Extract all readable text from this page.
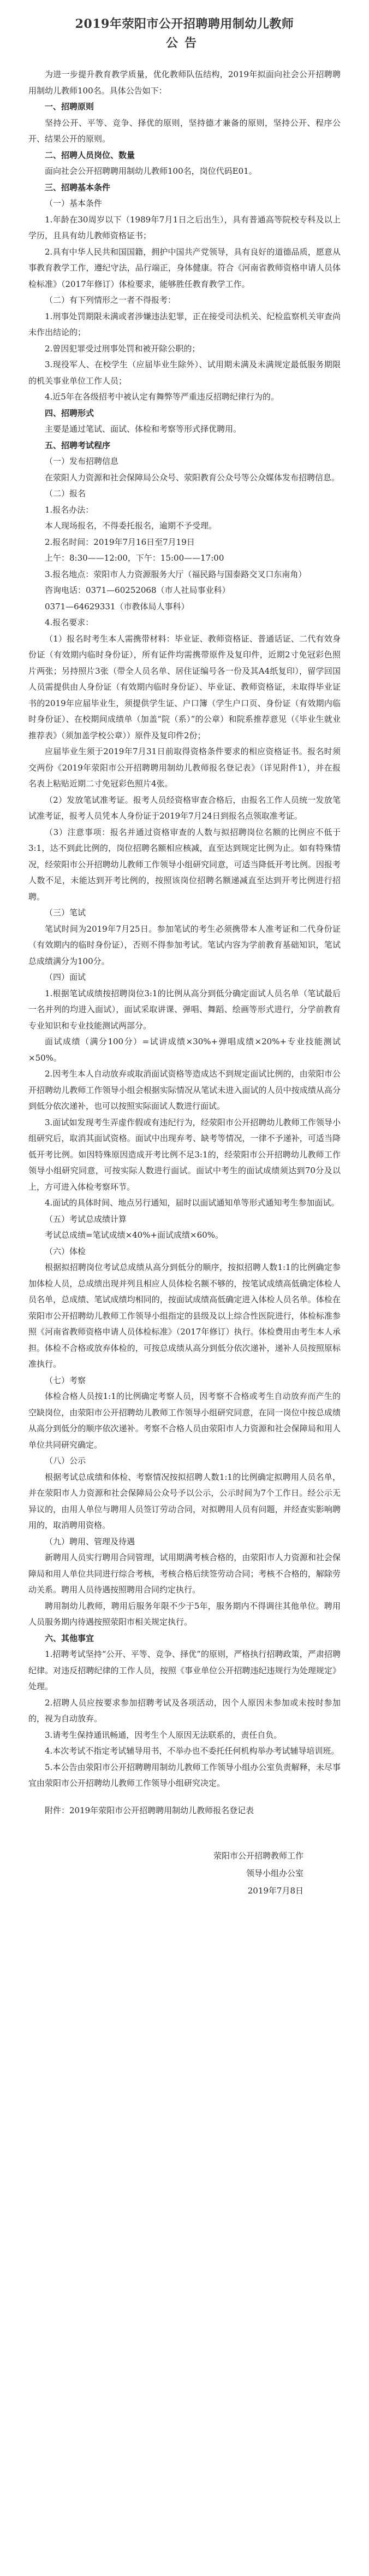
2019年荥阳市公开招聘聘用制幼儿教师
公告

为进一步提升教育教学质量，优化教师队伍结构，2019年拟面向社会公开招聘聘用制幼儿教师100名。具体公告如下：

一、招聘原则

坚持公开、平等、竞争、择优的原则，坚持德才兼备的原则，坚持公开、程序公开、结果公开的原则。

二、招聘人员岗位、数量

面向社会公开招聘聘用制幼儿教师100名，岗位代码E01。

三、招聘基本条件

（一）基本条件

1.年龄在30周岁以下（1989年7月1日之后出生），具有普通高等院校专科及以上学历，且具有幼儿教师资格证书；

2.具有中华人民共和国国籍，拥护中国共产党领导，具有良好的道德品质，愿意从事教育教学工作，遵纪守法，品行端正，身体健康。符合《河南省教师资格申请人员体检标准》（2017年修订）体检要求，能够胜任教育教学工作。

（二）有下列情形之一者不得报考：

1.刑事处罚期限未满或者涉嫌违法犯罪，正在接受司法机关、纪检监察机关审查尚未作出结论的；

2.曾因犯罪受过刑事处罚和被开除公职的；

3.现役军人、在校学生（应届毕业生除外）、试用期未满及未满规定最低服务期限的机关事业单位工作人员；

4.近5年在各级招考中被认定有舞弊等严重违反招聘纪律行为的。

四、招聘形式

主要是通过笔试、面试、体检和考察等形式择优聘用。

五、招聘考试程序

（一）发布招聘信息

在荥阳人力资源和社会保障局公众号、荥阳教育公众号等公众媒体发布招聘信息。

（二）报名

1.报名办法：

本人现场报名，不得委托报名，逾期不予受理。

2.报名时间：2019年7月16日至7月19日

上午：8:30——12:00，下午：15:00——17:00

3.报名地点：荥阳市人力资源服务大厅（福民路与国泰路交叉口东南角）

咨询电话：0371—60252068（市人社局事业科）

0371—64629331（市教体局人事科）

4.报名要求：

（1）报名时考生本人需携带材料：毕业证、教师资格证、普通话证、二代有效身份证（有效期内临时身份证），所有证件均需携带原件及复印件，近期2寸免冠彩色照片两张；另持照片3张（带全人员名单、居住证编号各一份及其A4纸复印），留学回国人员需提供由人身份证（有效期内临时身份证）、毕业证、教师资格证，未取得毕业证书的2019年应届毕业生，须提供学生证、户口簿（学生户口页、身份证（有效期内临时身份证）、在校期间成绩单（加盖“院（系）”的公章）和院系推荐意见（《毕业生就业推荐表》（须加盖学校公章））原件及复印件2份；

应届毕业生须于2019年7月31日前取得资格条件要求的相应资格证书。报名时须交两份《2019年荥阳市公开招聘聘用制幼儿教师报名登记表》（详见附件1），并在报名表上粘贴近期二寸免冠彩色照片4张。

（2）发放笔试准考证。报考人员经资格审查合格后，由报名工作人员统一发放笔试准考证，报考人员凭本人身份证于2019年7月24日到报名点领取准考证。

（3）注意事项：报名并通过资格审查的人数与拟招聘岗位名额的比例应不低于3:1，达不到此比例的，岗位招聘名额相应核减，直至达到规定比例为止。如有特殊情况，经荥阳市公开招聘幼儿教师工作领导小组研究同意，可适当降低开考比例。因报考人数不足，未能达到开考比例的，按照该岗位招聘名额递减直至达到开考比例进行招聘。

（三）笔试

笔试时间为2019年7月25日。参加笔试的考生必须携带本人准考证和二代身份证（有效期内的临时身份证），否则不得参加考试。笔试内容为学前教育基础知识，笔试总成绩满分为100分。

（四）面试

1.根据笔试成绩按招聘岗位3:1的比例从高分到低分确定面试人员名单（笔试最后一名并列的均进入面试），面试采取讲课、弹唱、舞蹈、绘画等形式进行，分学前教育专业知识和专业技能测试两部分。

面试成绩（满分100分）=试讲成绩×30%+弹唱成绩×20%+专业技能测试×50%。

2.因考生本人自动放弃或取消面试资格等造成达不到规定面试比例的，由荥阳市公开招聘幼儿教师工作领导小组会根据实际情况从笔试未进入面试的人员中按成绩从高分到低分依次递补，也可以按照实际面试人数进行面试。

3.面试如发现考生弄虚作假或有违纪行为，经荥阳市公开招聘幼儿教师工作领导小组研究后，取消其面试资格。面试中出现弃考、缺考等情况，一律不予递补，可适当降低开考比例。如因特殊原因造成开考比例不足3:1的，经荥阳市公开招聘幼儿教师工作领导小组研究同意，可按实际人数进行面试。面试中考生的面试成绩须达到70分及以上，方可进入体检考察环节。

4.面试的具体时间、地点另行通知，届时以面试通知单等形式通知考生参加面试。

（五）考试总成绩计算

考试总成绩=笔试成绩×40%+面试成绩×60%。

（六）体检

根据拟招聘岗位考试总成绩从高分到低分的顺序，按拟招聘人数1:1的比例确定参加体检人员，总成绩出现并列且相应人员体检名额不够的，按笔试成绩高低确定体检人员名单，总成绩、笔试成绩均相同的，按面试成绩高低确定进入体检人员名单。体检在荥阳市公开招聘幼儿教师工作领导小组指定的县级及以上综合性医院进行，体检标准参照《河南省教师资格申请人员体检标准》（2017年修订）执行。体检费用由考生本人承担。体检不合格或放弃体检的，可按总成绩从高分到低分依次递补，递补人员按照原标准执行。

（七）考察

体检合格人员按1:1的比例确定考察人员，因考察不合格或考生自动放弃而产生的空缺岗位，由荥阳市公开招聘幼儿教师工作领导小组研究同意，在同一岗位中按总成绩从高分到低分的顺序依次递补。考察不合格人员由荥阳市人力资源和社会保障局和用人单位共同研究确定。

（八）公示

根据考试总成绩和体检、考察情况按拟招聘人数1:1的比例确定拟聘用人员名单，并在荥阳市人力资源和社会保障局公众号予以公示，公示时间为7个工作日。经公示无异议的，由用人单位与聘用人员签订劳动合同，对拟聘用人员有问题，并经查实影响聘用的，取消聘用资格。

（九）聘用、管理及待遇

新聘用人员实行聘用合同管理，试用期满考核合格的，由荥阳市人力资源和社会保障局和用人单位共同进行综合考核，考核合格后续签劳动合同；考核不合格的，解除劳动关系。聘用人员待遇按照聘用合同约定执行。

聘用制幼儿教师，聘用后服务年限不少于5年，服务期内不得调往其他单位。聘用人员服务期内待遇按照荥阳市相关规定执行。

六、其他事宜

1.招聘考试坚持“公开、平等、竞争、择优”的原则，严格执行招聘政策，严肃招聘纪律。对违反招聘纪律的工作人员，按照《事业单位公开招聘违纪违规行为处理规定》处理。

2.招聘人员应按要求参加招聘考试及各项活动，因个人原因未参加或未按时参加的，视为自动放弃。

3.请考生保持通讯畅通，因考生个人原因无法联系的，责任自负。

4.本次考试不指定考试辅导用书，不举办也不委托任何机构举办考试辅导培训班。

5.本公告由荥阳市公开招聘聘用制幼儿教师工作领导小组办公室负责解释，未尽事宜由荥阳市公开招聘幼儿教师工作领导小组研究决定。

附件：2019年荥阳市公开招聘聘用制幼儿教师报名登记表

荥阳市公开招聘教师工作

领导小组办公室

2019年7月8日
